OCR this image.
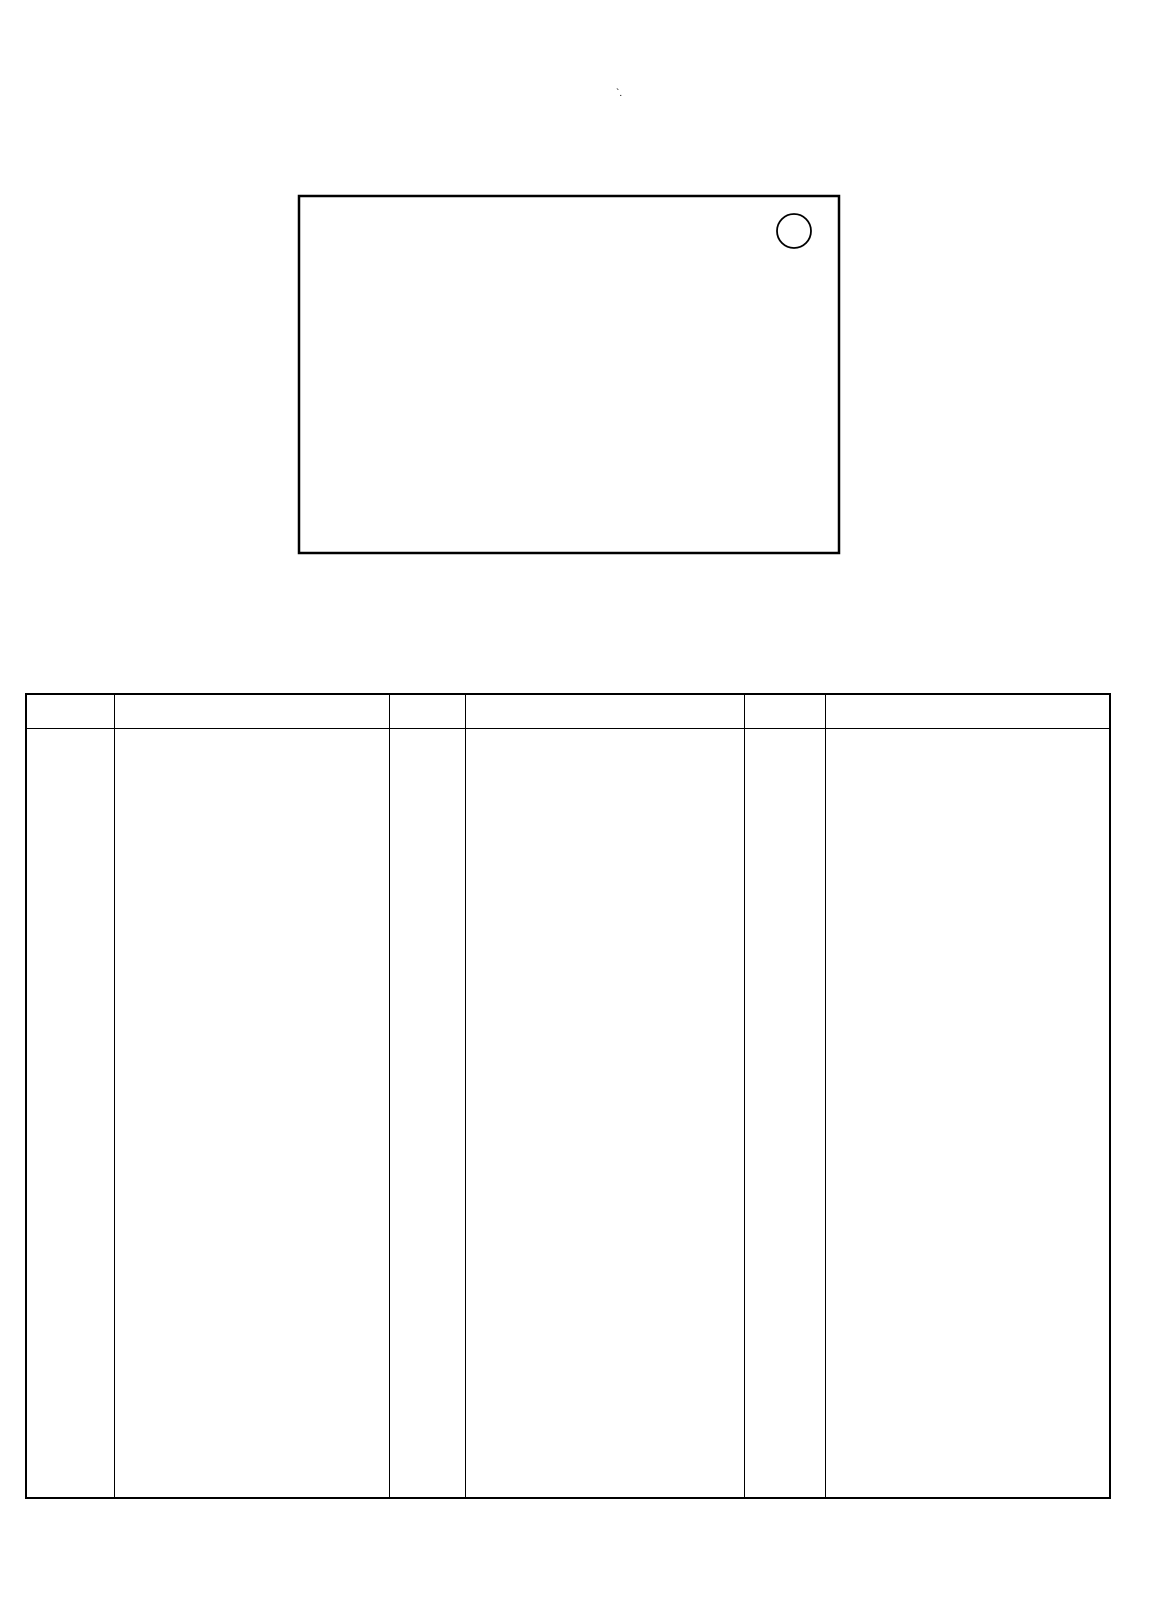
`.
